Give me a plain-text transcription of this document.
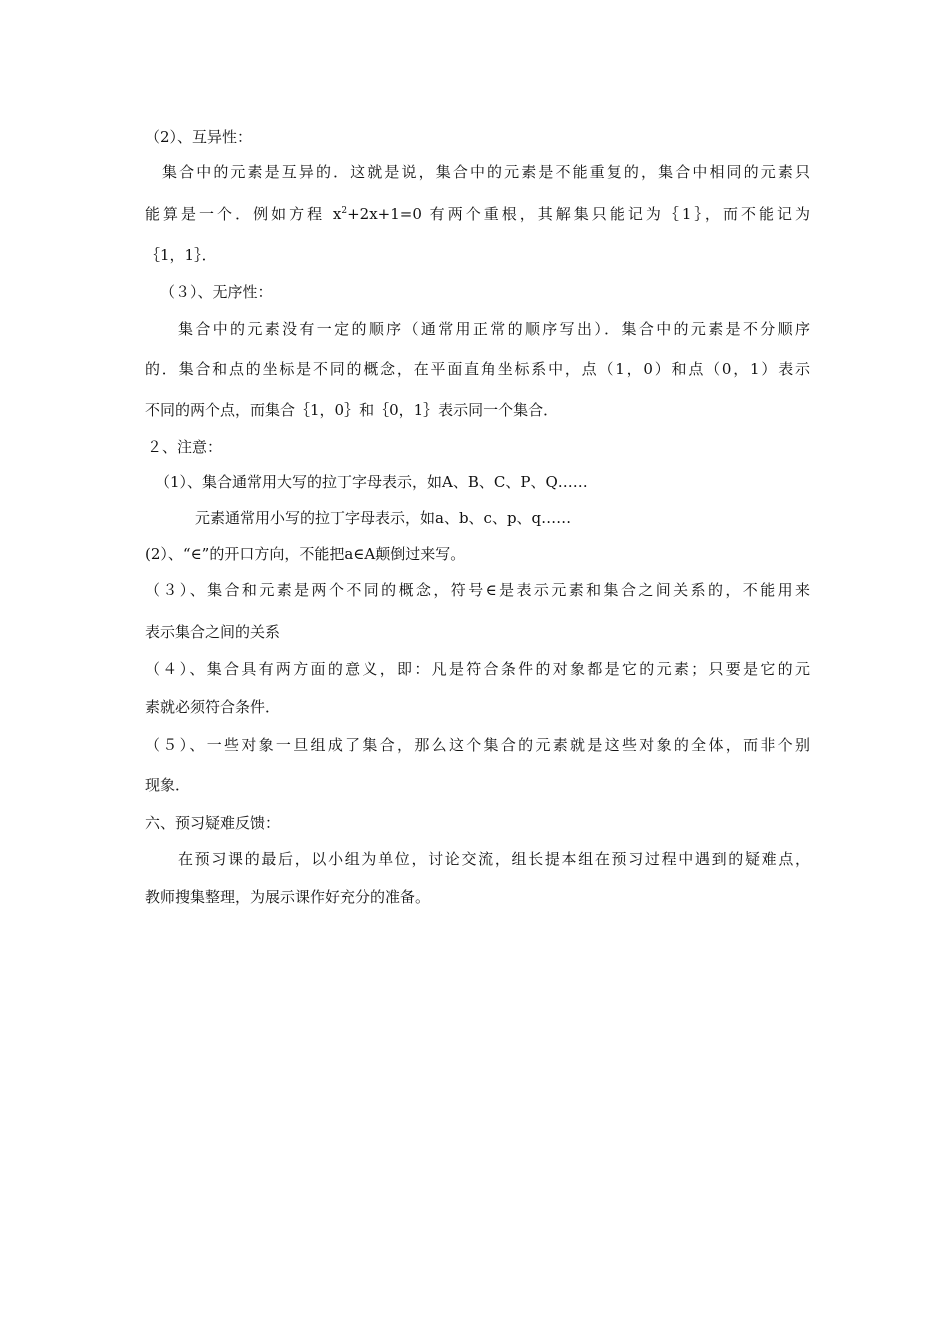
（2）、互异性：
集合中的元素是互异的．这就是说，集合中的元素是不能重复的，集合中相同的元素只
能算是一个．例如方程 $x^2+2x+1=0$ 有两个重根，其解集只能记为｛1｝，而不能记为
｛1，1｝．
（３）、无序性：
集合中的元素没有一定的顺序（通常用正常的顺序写出）．集合中的元素是不分顺序
的．集合和点的坐标是不同的概念，在平面直角坐标系中，点（1，0）和点（0，1）表示
不同的两个点，而集合｛1，0｝和｛0，1｝表示同一个集合．
２、注意：
（1）、集合通常用大写的拉丁字母表示，如A、B、C、P、Q……
元素通常用小写的拉丁字母表示，如a、b、c、p、q……
(2）、“∈”的开口方向，不能把a∈A颠倒过来写。
（３）、集合和元素是两个不同的概念，符号∈是表示元素和集合之间关系的，不能用来
表示集合之间的关系
（４）、集合具有两方面的意义，即：凡是符合条件的对象都是它的元素；只要是它的元
素就必须符合条件．
（５）、一些对象一旦组成了集合，那么这个集合的元素就是这些对象的全体，而非个别
现象．
六、预习疑难反馈：
在预习课的最后，以小组为单位，讨论交流，组长提本组在预习过程中遇到的疑难点，
教师搜集整理，为展示课作好充分的准备。
